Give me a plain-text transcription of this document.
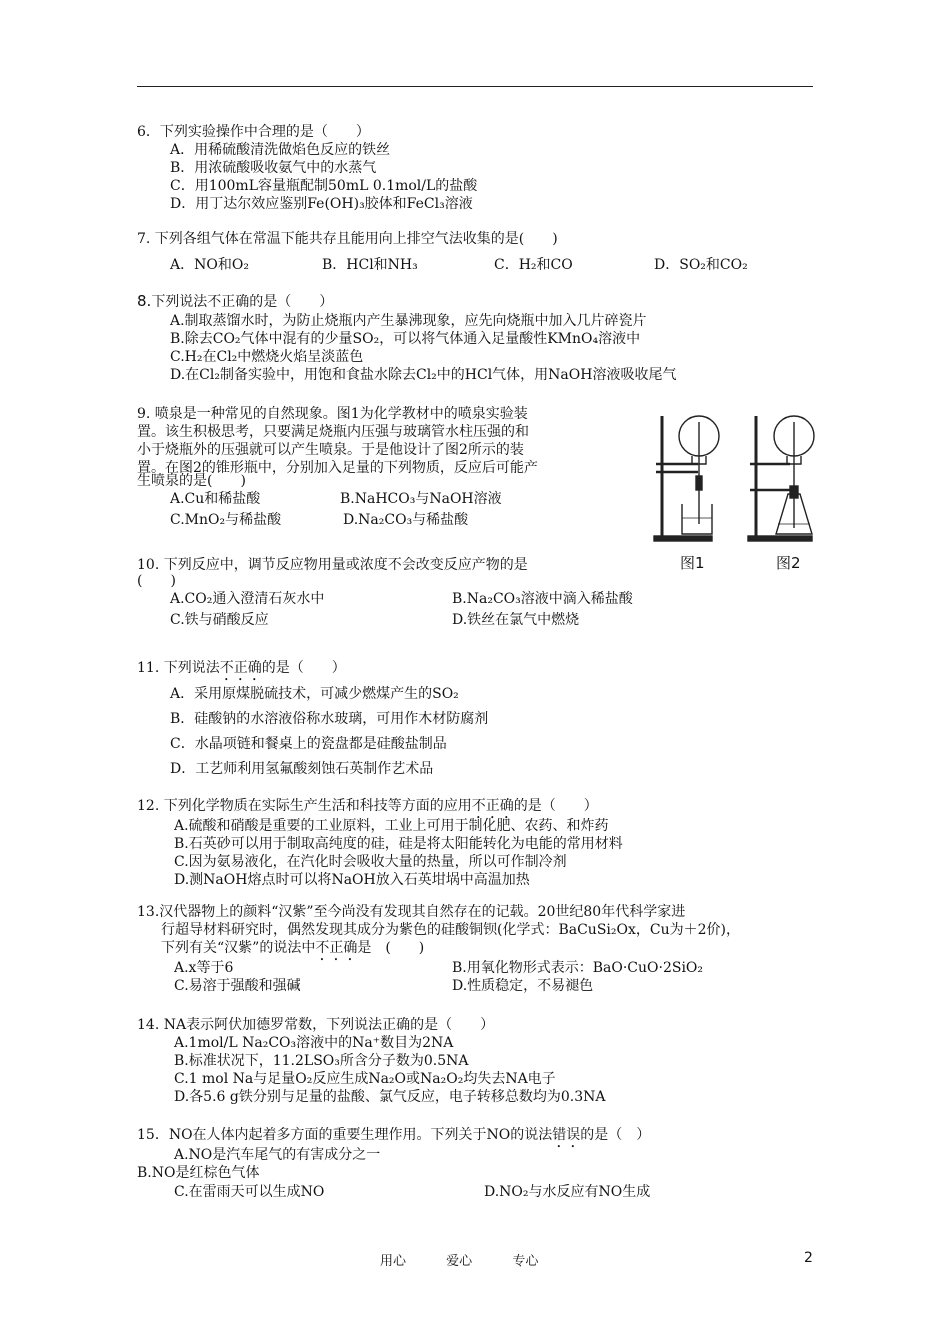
6．下列实验操作中合理的是（　　）
A．用稀硫酸清洗做焰色反应的铁丝
B．用浓硫酸吸收氨气中的水蒸气
C．用100mL容量瓶配制50mL 0.1mol/L的盐酸
D．用丁达尔效应鉴别Fe(OH)₃胶体和FeCl₃溶液
7. 下列各组气体在常温下能共存且能用向上排空气法收集的是(　　)
A．NO和O₂	B．HCl和NH₃	C．H₂和CO	D．SO₂和CO₂
8.下列说法不正确的是（　　）
A.制取蒸馏水时，为防止烧瓶内产生暴沸现象，应先向烧瓶中加入几片碎瓷片
B.除去CO₂气体中混有的少量SO₂，可以将气体通入足量酸性KMnO₄溶液中
C.H₂在Cl₂中燃烧火焰呈淡蓝色
D.在Cl₂制备实验中，用饱和食盐水除去Cl₂中的HCl气体，用NaOH溶液吸收尾气
9. 喷泉是一种常见的自然现象。图1为化学教材中的喷泉实验装
置。该生积极思考，只要满足烧瓶内压强与玻璃管水柱压强的和
小于烧瓶外的压强就可以产生喷泉。于是他设计了图2所示的装
置。在图2的锥形瓶中，分别加入足量的下列物质，反应后可能产
生喷泉的是(　　)
A.Cu和稀盐酸	B.NaHCO₃与NaOH溶液
C.MnO₂与稀盐酸	D.Na₂CO₃与稀盐酸
图1	图2
10. 下列反应中，调节反应物用量或浓度不会改变反应产物的是
(　　)
A.CO₂通入澄清石灰水中	B.Na₂CO₃溶液中滴入稀盐酸
C.铁与硝酸反应	D.铁丝在氯气中燃烧
11. 下列说法不正确的是（　　）
A．采用原煤脱硫技术，可减少燃煤产生的SO₂
B．硅酸钠的水溶液俗称水玻璃，可用作木材防腐剂
C．水晶项链和餐桌上的瓷盘都是硅酸盐制品
D．工艺师利用氢氟酸刻蚀石英制作艺术品
12. 下列化学物质在实际生产生活和科技等方面的应用不正确的是（　　）
A.硫酸和硝酸是重要的工业原料，工业上可用于制化肥、农药、和炸药
B.石英砂可以用于制取高纯度的硅，硅是将太阳能转化为电能的常用材料
C.因为氨易液化，在汽化时会吸收大量的热量，所以可作制冷剂
D.测NaOH熔点时可以将NaOH放入石英坩埚中高温加热
13.汉代器物上的颜料“汉紫”至今尚没有发现其自然存在的记载。20世纪80年代科学家进
行超导材料研究时，偶然发现其成分为紫色的硅酸铜钡(化学式：BaCuSi₂Ox，Cu为＋2价)，
下列有关“汉紫”的说法中不正确是　(　　)
A.x等于6	B.用氧化物形式表示：BaO·CuO·2SiO₂
C.易溶于强酸和强碱	D.性质稳定，不易褪色
14. NA表示阿伏加德罗常数，下列说法正确的是（　　）
A.1mol/L Na₂CO₃溶液中的Na⁺数目为2NA
B.标准状况下，11.2LSO₃所含分子数为0.5NA
C.1 mol Na与足量O₂反应生成Na₂O或Na₂O₂均失去NA电子
D.各5.6 g铁分别与足量的盐酸、氯气反应，电子转移总数均为0.3NA
15．NO在人体内起着多方面的重要生理作用。下列关于NO的说法错误的是（　）
A.NO是汽车尾气的有害成分之一
B.NO是红棕色气体
C.在雷雨天可以生成NO	D.NO₂与水反应有NO生成
用心	爱心	专心	2
